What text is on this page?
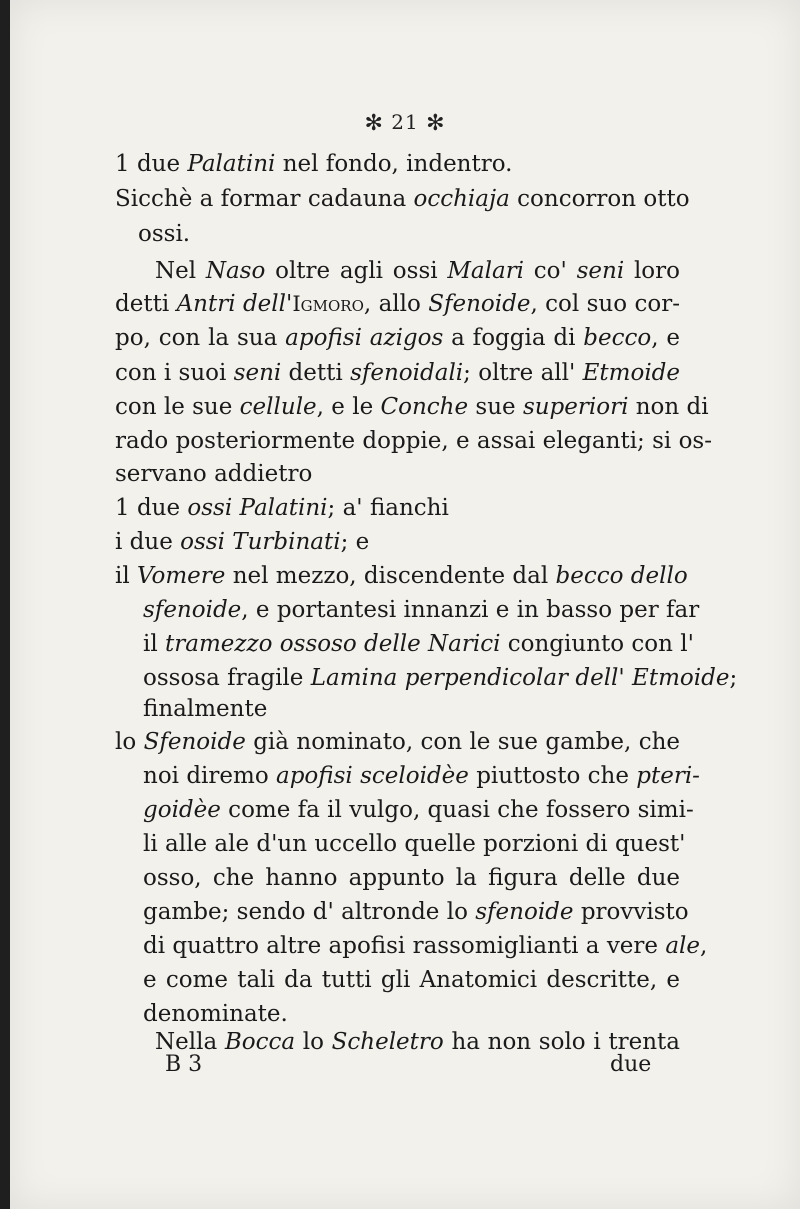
✻ 21 ✻
1 due Palatini nel fondo, indentro.
Sicchè a formar cadauna occhiaja concorron otto
ossi.
Nel Naso oltre agli ossi Malari co' seni loro
detti Antri dell'Igmoro, allo Sfenoide, col suo cor-
po, con la sua apofisi azigos a foggia di becco, e
con i suoi seni detti sfenoidali; oltre all' Etmoide
con le sue cellule, e le Conche sue superiori non di
rado posteriormente doppie, e assai eleganti; si os-
servano addietro
1 due ossi Palatini; a' fianchi
i due ossi Turbinati; e
il Vomere nel mezzo, discendente dal becco dello
sfenoide, e portantesi innanzi e in basso per far
il tramezzo ossoso delle Narici congiunto con l'
ossosa fragile Lamina perpendicolar dell' Etmoide;
finalmente
lo Sfenoide già nominato, con le sue gambe, che
noi diremo apofisi sceloidèe piuttosto che pteri-
goidèe come fa il vulgo, quasi che fossero simi-
li alle ale d'un uccello quelle porzioni di quest'
osso, che hanno appunto la figura delle due
gambe; sendo d' altronde lo sfenoide provvisto
di quattro altre apofisi rassomiglianti a vere ale,
e come tali da tutti gli Anatomici descritte, e
denominate.
Nella Bocca lo Scheletro ha non solo i trenta
B 3	due
